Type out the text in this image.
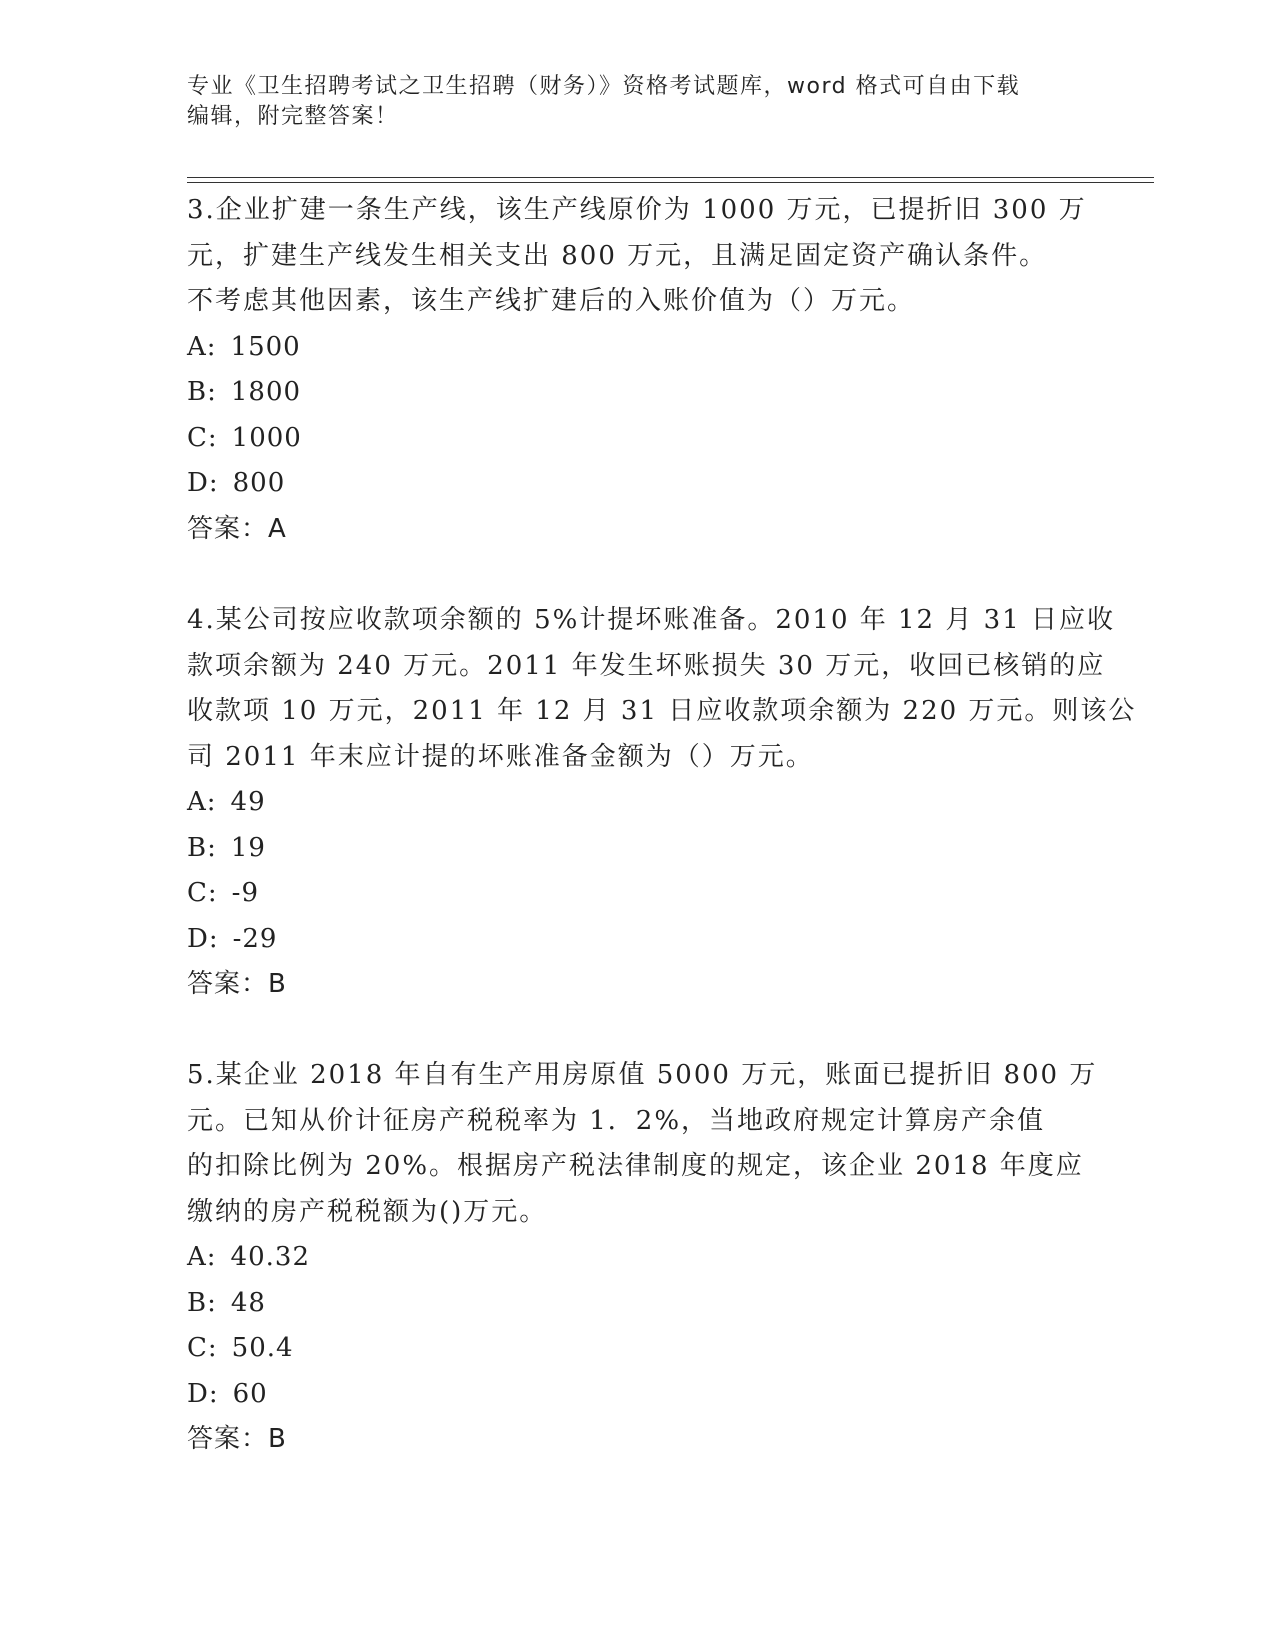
专业《卫生招聘考试之卫生招聘（财务）》资格考试题库，word 格式可自由下载
编辑，附完整答案！
3.企业扩建一条生产线，该生产线原价为 1000 万元，已提折旧 300 万
元，扩建生产线发生相关支出 800 万元，且满足固定资产确认条件。
不考虑其他因素，该生产线扩建后的入账价值为（）万元。
A: 1500
B: 1800
C: 1000
D: 800
答案：A
4.某公司按应收款项余额的 5%计提坏账准备。2010 年 12 月 31 日应收
款项余额为 240 万元。2011 年发生坏账损失 30 万元，收回已核销的应
收款项 10 万元，2011 年 12 月 31 日应收款项余额为 220 万元。则该公
司 2011 年末应计提的坏账准备金额为（）万元。
A: 49
B: 19
C: -9
D: -29
答案：B
5.某企业 2018 年自有生产用房原值 5000 万元，账面已提折旧 800 万
元。已知从价计征房产税税率为 1．2%，当地政府规定计算房产余值
的扣除比例为 20%。根据房产税法律制度的规定，该企业 2018 年度应
缴纳的房产税税额为()万元。
A: 40.32
B: 48
C: 50.4
D: 60
答案：B
